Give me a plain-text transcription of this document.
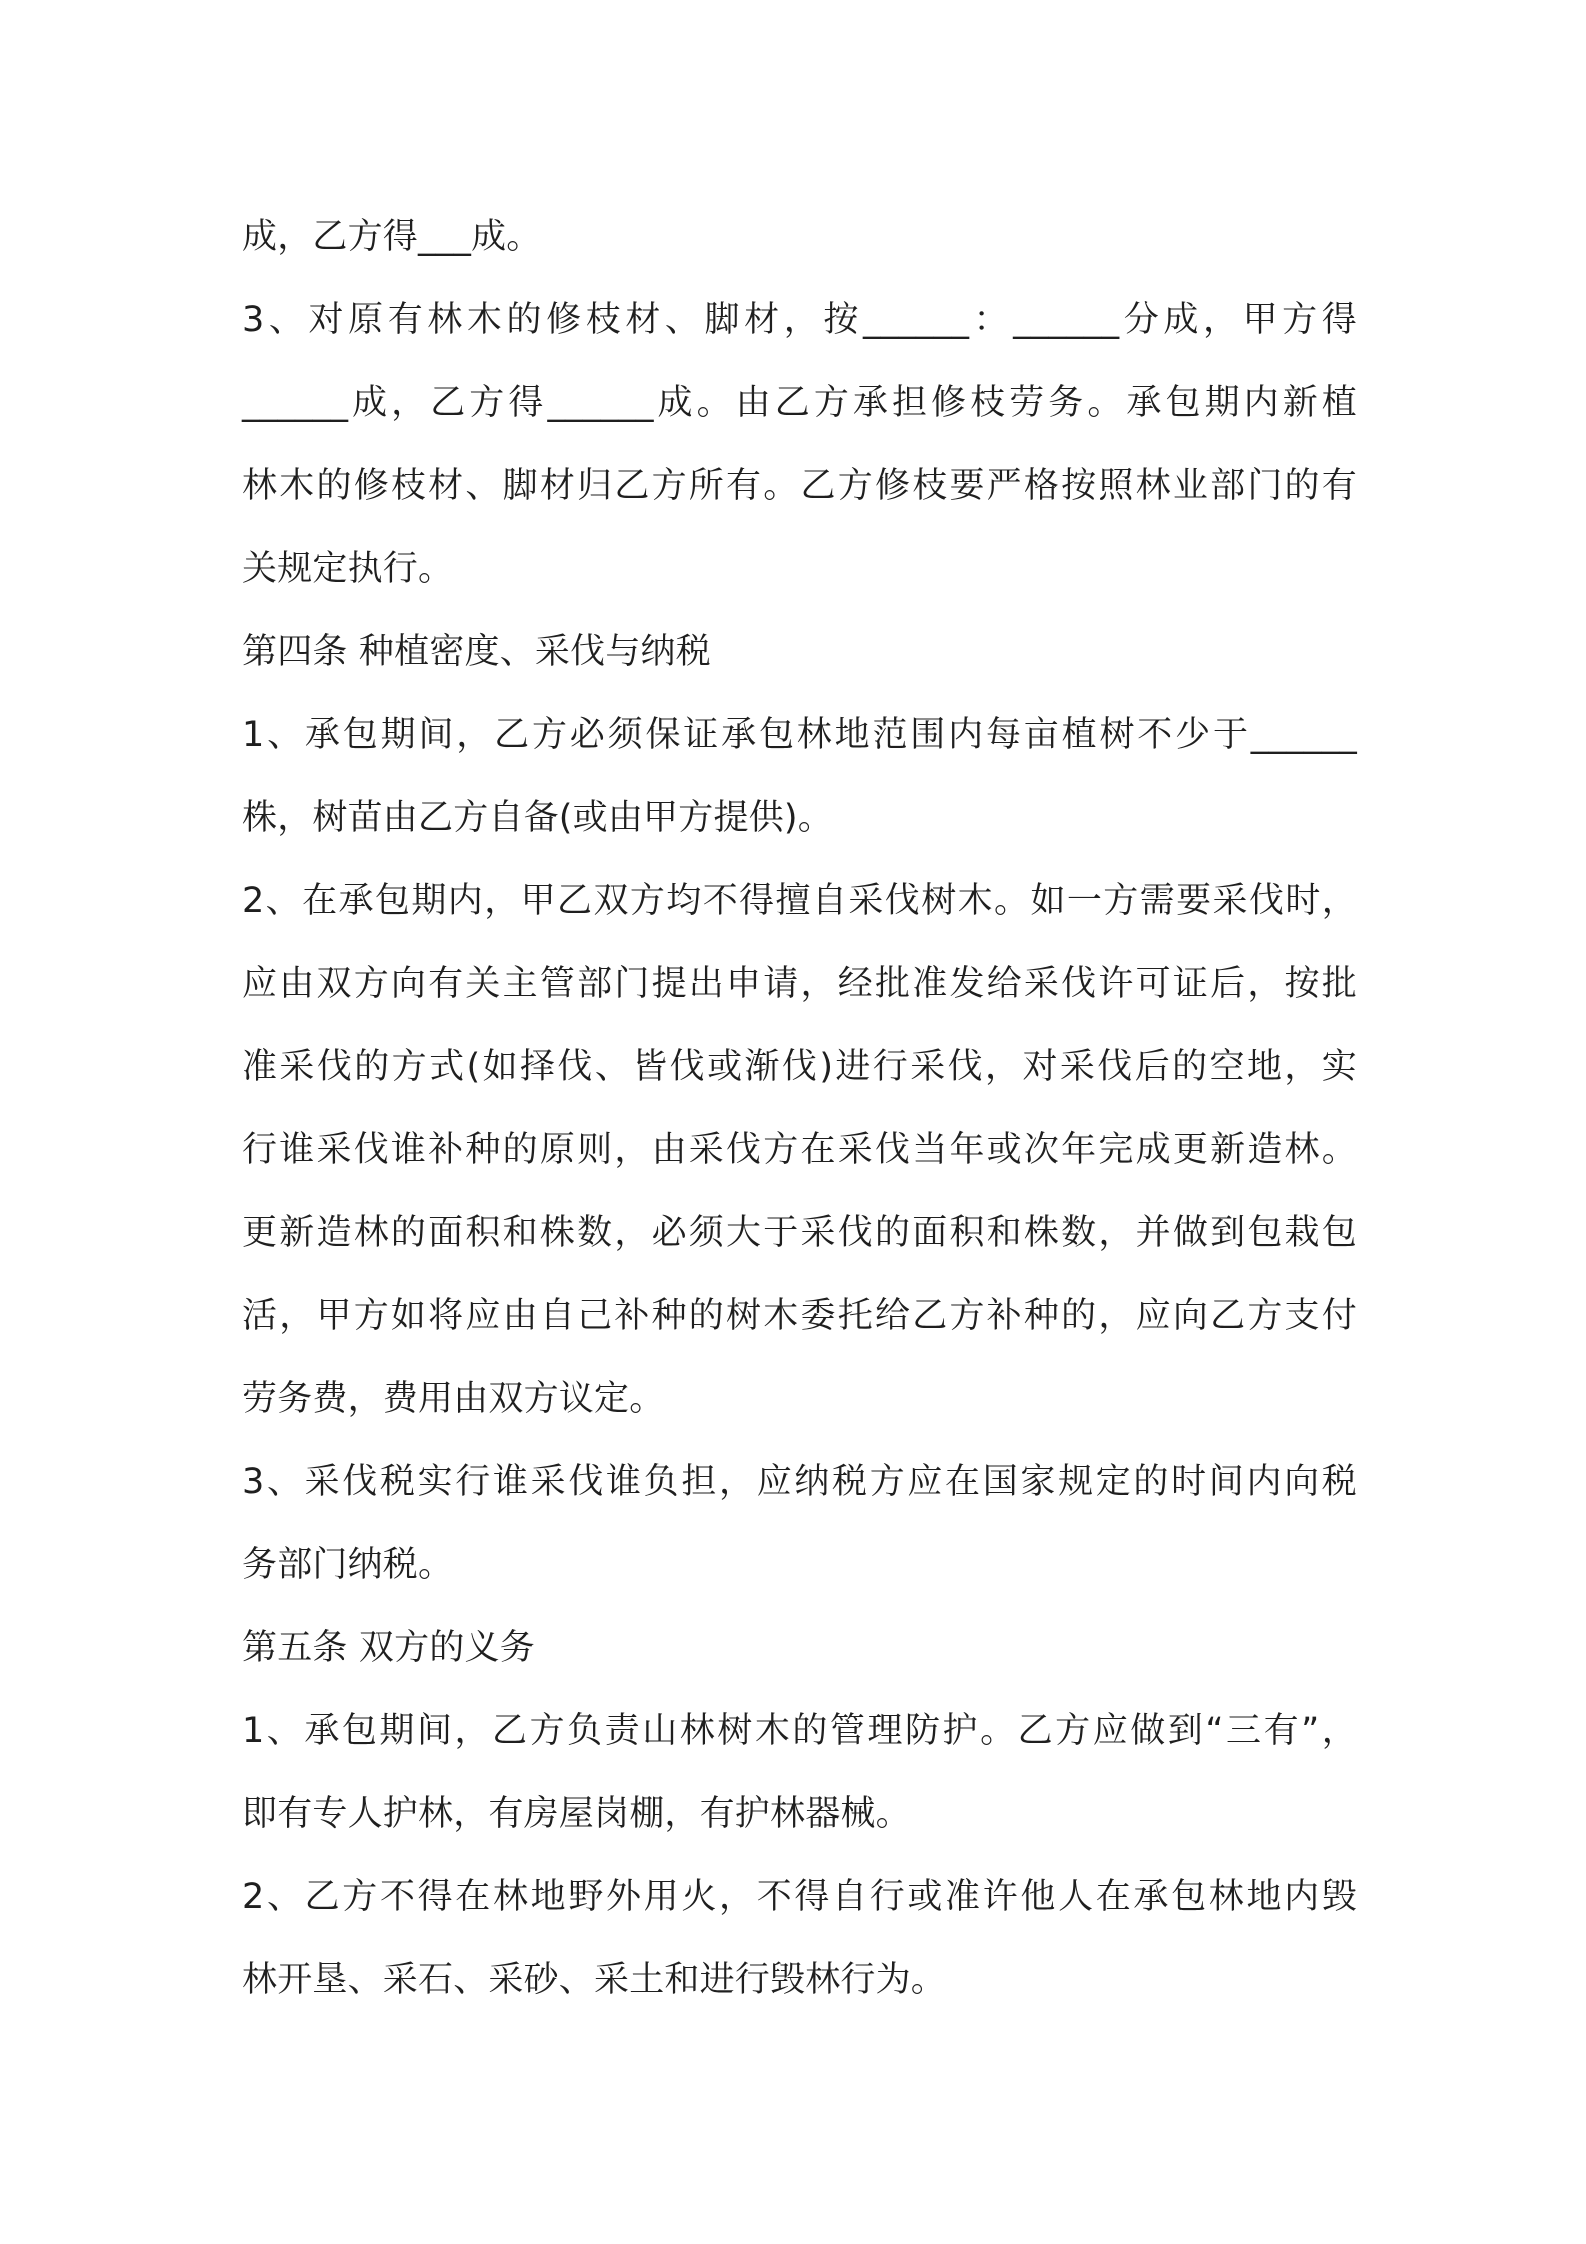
成，乙方得___成。
3、对原有林木的修枝材、脚材，按______：______分成，甲方得
______成，乙方得______成。由乙方承担修枝劳务。承包期内新植
林木的修枝材、脚材归乙方所有。乙方修枝要严格按照林业部门的有
关规定执行。
第四条 种植密度、采伐与纳税
1、承包期间，乙方必须保证承包林地范围内每亩植树不少于______
株，树苗由乙方自备(或由甲方提供)。
2、在承包期内，甲乙双方均不得擅自采伐树木。如一方需要采伐时，
应由双方向有关主管部门提出申请，经批准发给采伐许可证后，按批
准采伐的方式(如择伐、皆伐或渐伐)进行采伐，对采伐后的空地，实
行谁采伐谁补种的原则，由采伐方在采伐当年或次年完成更新造林。
更新造林的面积和株数，必须大于采伐的面积和株数，并做到包栽包
活，甲方如将应由自己补种的树木委托给乙方补种的，应向乙方支付
劳务费，费用由双方议定。
3、采伐税实行谁采伐谁负担，应纳税方应在国家规定的时间内向税
务部门纳税。
第五条 双方的义务
1、承包期间，乙方负责山林树木的管理防护。乙方应做到“三有”，
即有专人护林，有房屋岗棚，有护林器械。
2、乙方不得在林地野外用火，不得自行或准许他人在承包林地内毁
林开垦、采石、采砂、采土和进行毁林行为。
